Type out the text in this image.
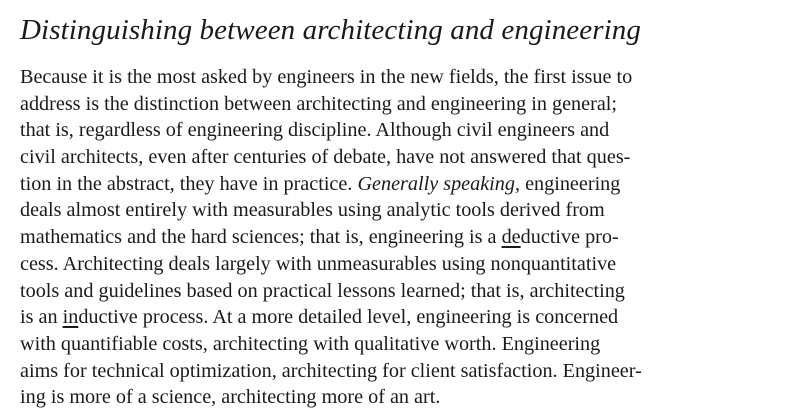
Distinguishing between architecting and engineering
Because it is the most asked by engineers in the new fields, the first issue to
address is the distinction between architecting and engineering in general;
that is, regardless of engineering discipline. Although civil engineers and
civil architects, even after centuries of debate, have not answered that ques-
tion in the abstract, they have in practice. Generally speaking, engineering
deals almost entirely with measurables using analytic tools derived from
mathematics and the hard sciences; that is, engineering is a deductive pro-
cess. Architecting deals largely with unmeasurables using nonquantitative
tools and guidelines based on practical lessons learned; that is, architecting
is an inductive process. At a more detailed level, engineering is concerned
with quantifiable costs, architecting with qualitative worth. Engineering
aims for technical optimization, architecting for client satisfaction. Engineer-
ing is more of a science, architecting more of an art.
